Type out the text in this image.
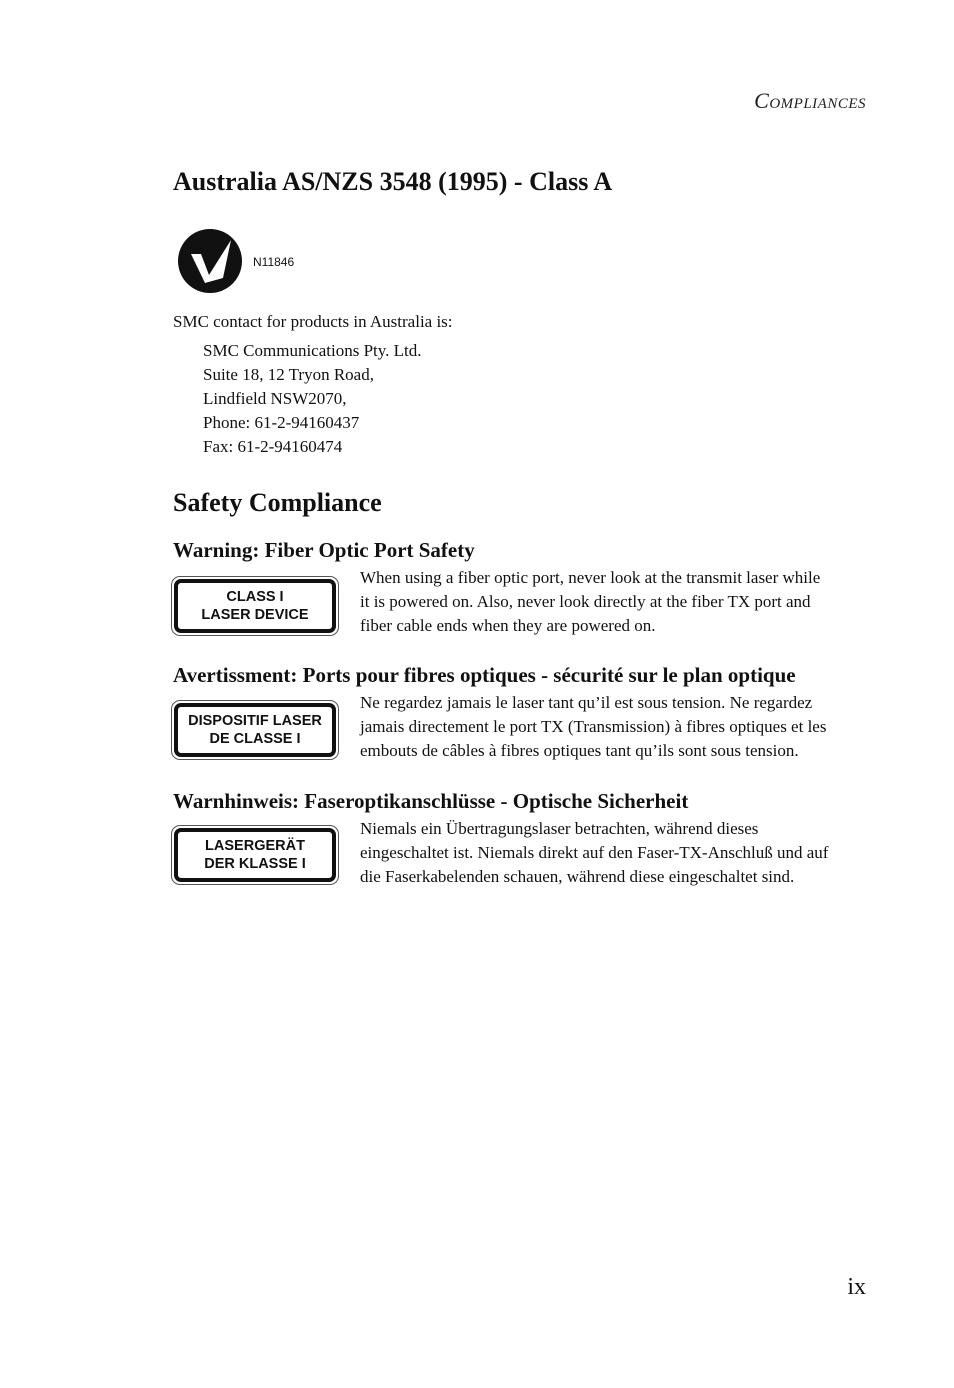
Compliances
Australia AS/NZS 3548 (1995) - Class A
N11846

SMC contact for products in Australia is:

SMC Communications Pty. Ltd.
Suite 18, 12 Tryon Road,
Lindfield NSW2070,
Phone: 61-2-94160437
Fax: 61-2-94160474
Safety Compliance
Warning: Fiber Optic Port Safety
CLASS I
LASER DEVICE
When using a fiber optic port, never look at the transmit laser while
it is powered on. Also, never look directly at the fiber TX port and
fiber cable ends when they are powered on.
Avertissment: Ports pour fibres optiques - sécurité sur le plan optique
DISPOSITIF LASER
DE CLASSE I
Ne regardez jamais le laser tant qu’il est sous tension. Ne regardez
jamais directement le port TX (Transmission) à fibres optiques et les
embouts de câbles à fibres optiques tant qu’ils sont sous tension.
Warnhinweis: Faseroptikanschlüsse - Optische Sicherheit
LASERGERÄT
DER KLASSE I
Niemals ein Übertragungslaser betrachten, während dieses
eingeschaltet ist. Niemals direkt auf den Faser-TX-Anschluß und auf
die Faserkabelenden schauen, während diese eingeschaltet sind.
ix
